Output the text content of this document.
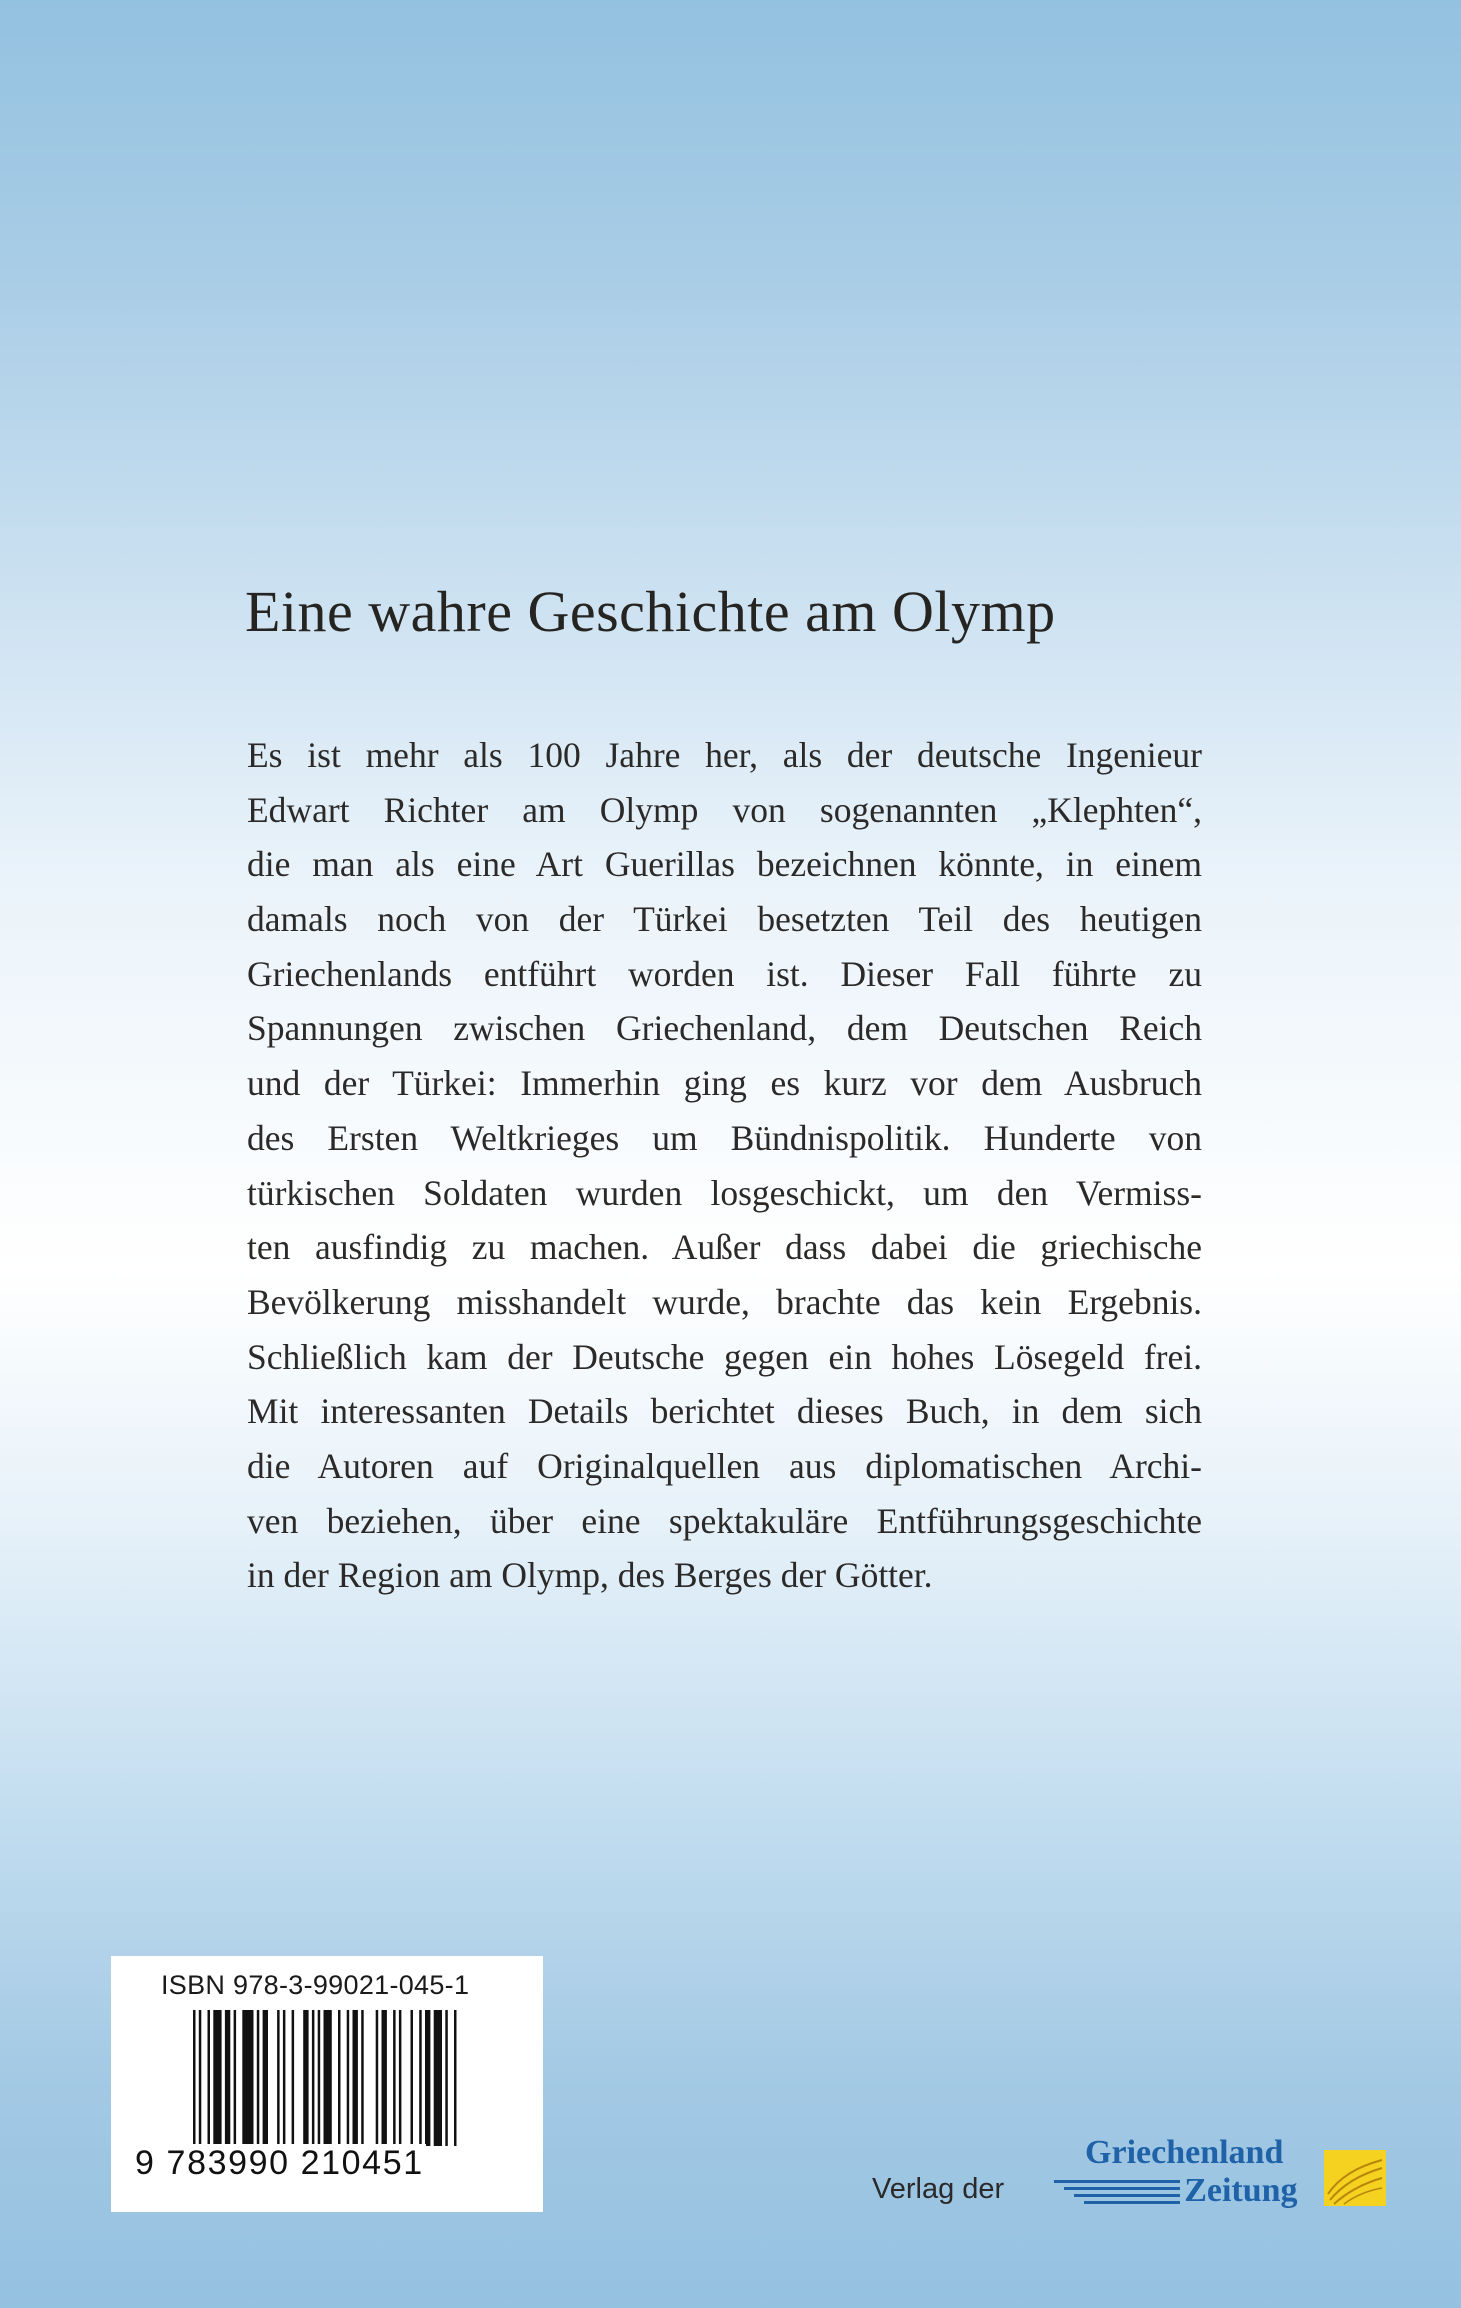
Eine wahre Geschichte am Olymp
Es ist mehr als 100 Jahre her, als der deutsche Ingenieur
Edwart Richter am Olymp von sogenannten „Klephten“,
die man als eine Art Guerillas bezeichnen könnte, in einem
damals noch von der Türkei besetzten Teil des heutigen
Griechenlands entführt worden ist. Dieser Fall führte zu
Spannungen zwischen Griechenland, dem Deutschen Reich
und der Türkei: Immerhin ging es kurz vor dem Ausbruch
des Ersten Weltkrieges um Bündnispolitik. Hunderte von
türkischen Soldaten wurden losgeschickt, um den Vermiss-
ten ausfindig zu machen. Außer dass dabei die griechische
Bevölkerung misshandelt wurde, brachte das kein Ergebnis.
Schließlich kam der Deutsche gegen ein hohes Lösegeld frei.
Mit interessanten Details berichtet dieses Buch, in dem sich
die Autoren auf Originalquellen aus diplomatischen Archi-
ven beziehen, über eine spektakuläre Entführungsgeschichte
in der Region am Olymp, des Berges der Götter.
ISBN 978-3-99021-045-1
9 783990 210451
Verlag der
Griechenland
Zeitung
